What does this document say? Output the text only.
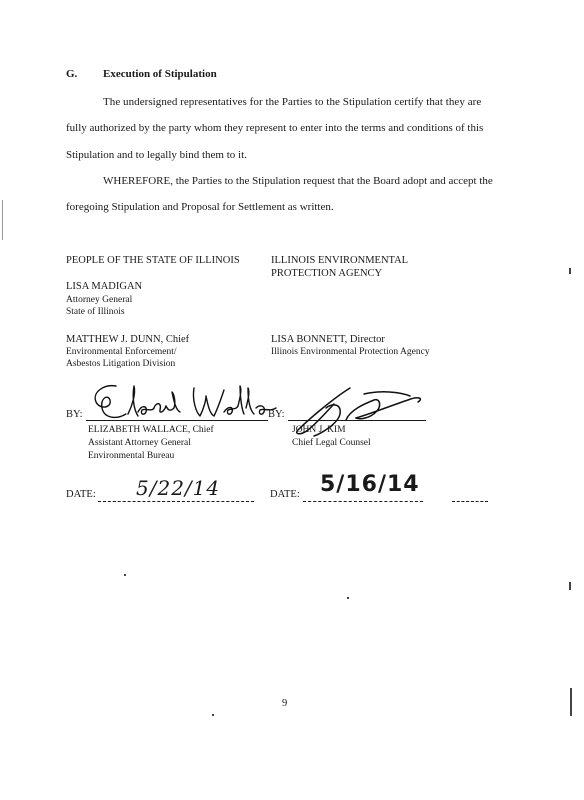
G. Execution of Stipulation
The undersigned representatives for the Parties to the Stipulation certify that they are
fully authorized by the party whom they represent to enter into the terms and conditions of this
Stipulation and to legally bind them to it.
WHEREFORE, the Parties to the Stipulation request that the Board adopt and accept the
foregoing Stipulation and Proposal for Settlement as written.
PEOPLE OF THE STATE OF ILLINOIS
LISA MADIGAN
Attorney General
State of Illinois
MATTHEW J. DUNN, Chief
Environmental Enforcement/
Asbestos Litigation Division
ILLINOIS ENVIRONMENTAL
PROTECTION AGENCY
LISA BONNETT, Director
Illinois Environmental Protection Agency
BY:
ELIZABETH WALLACE, Chief
Assistant Attorney General
Environmental Bureau
BY:
JOHN J. KIM
Chief Legal Counsel
DATE: 5/22/14	DATE: 5/16/14
9
